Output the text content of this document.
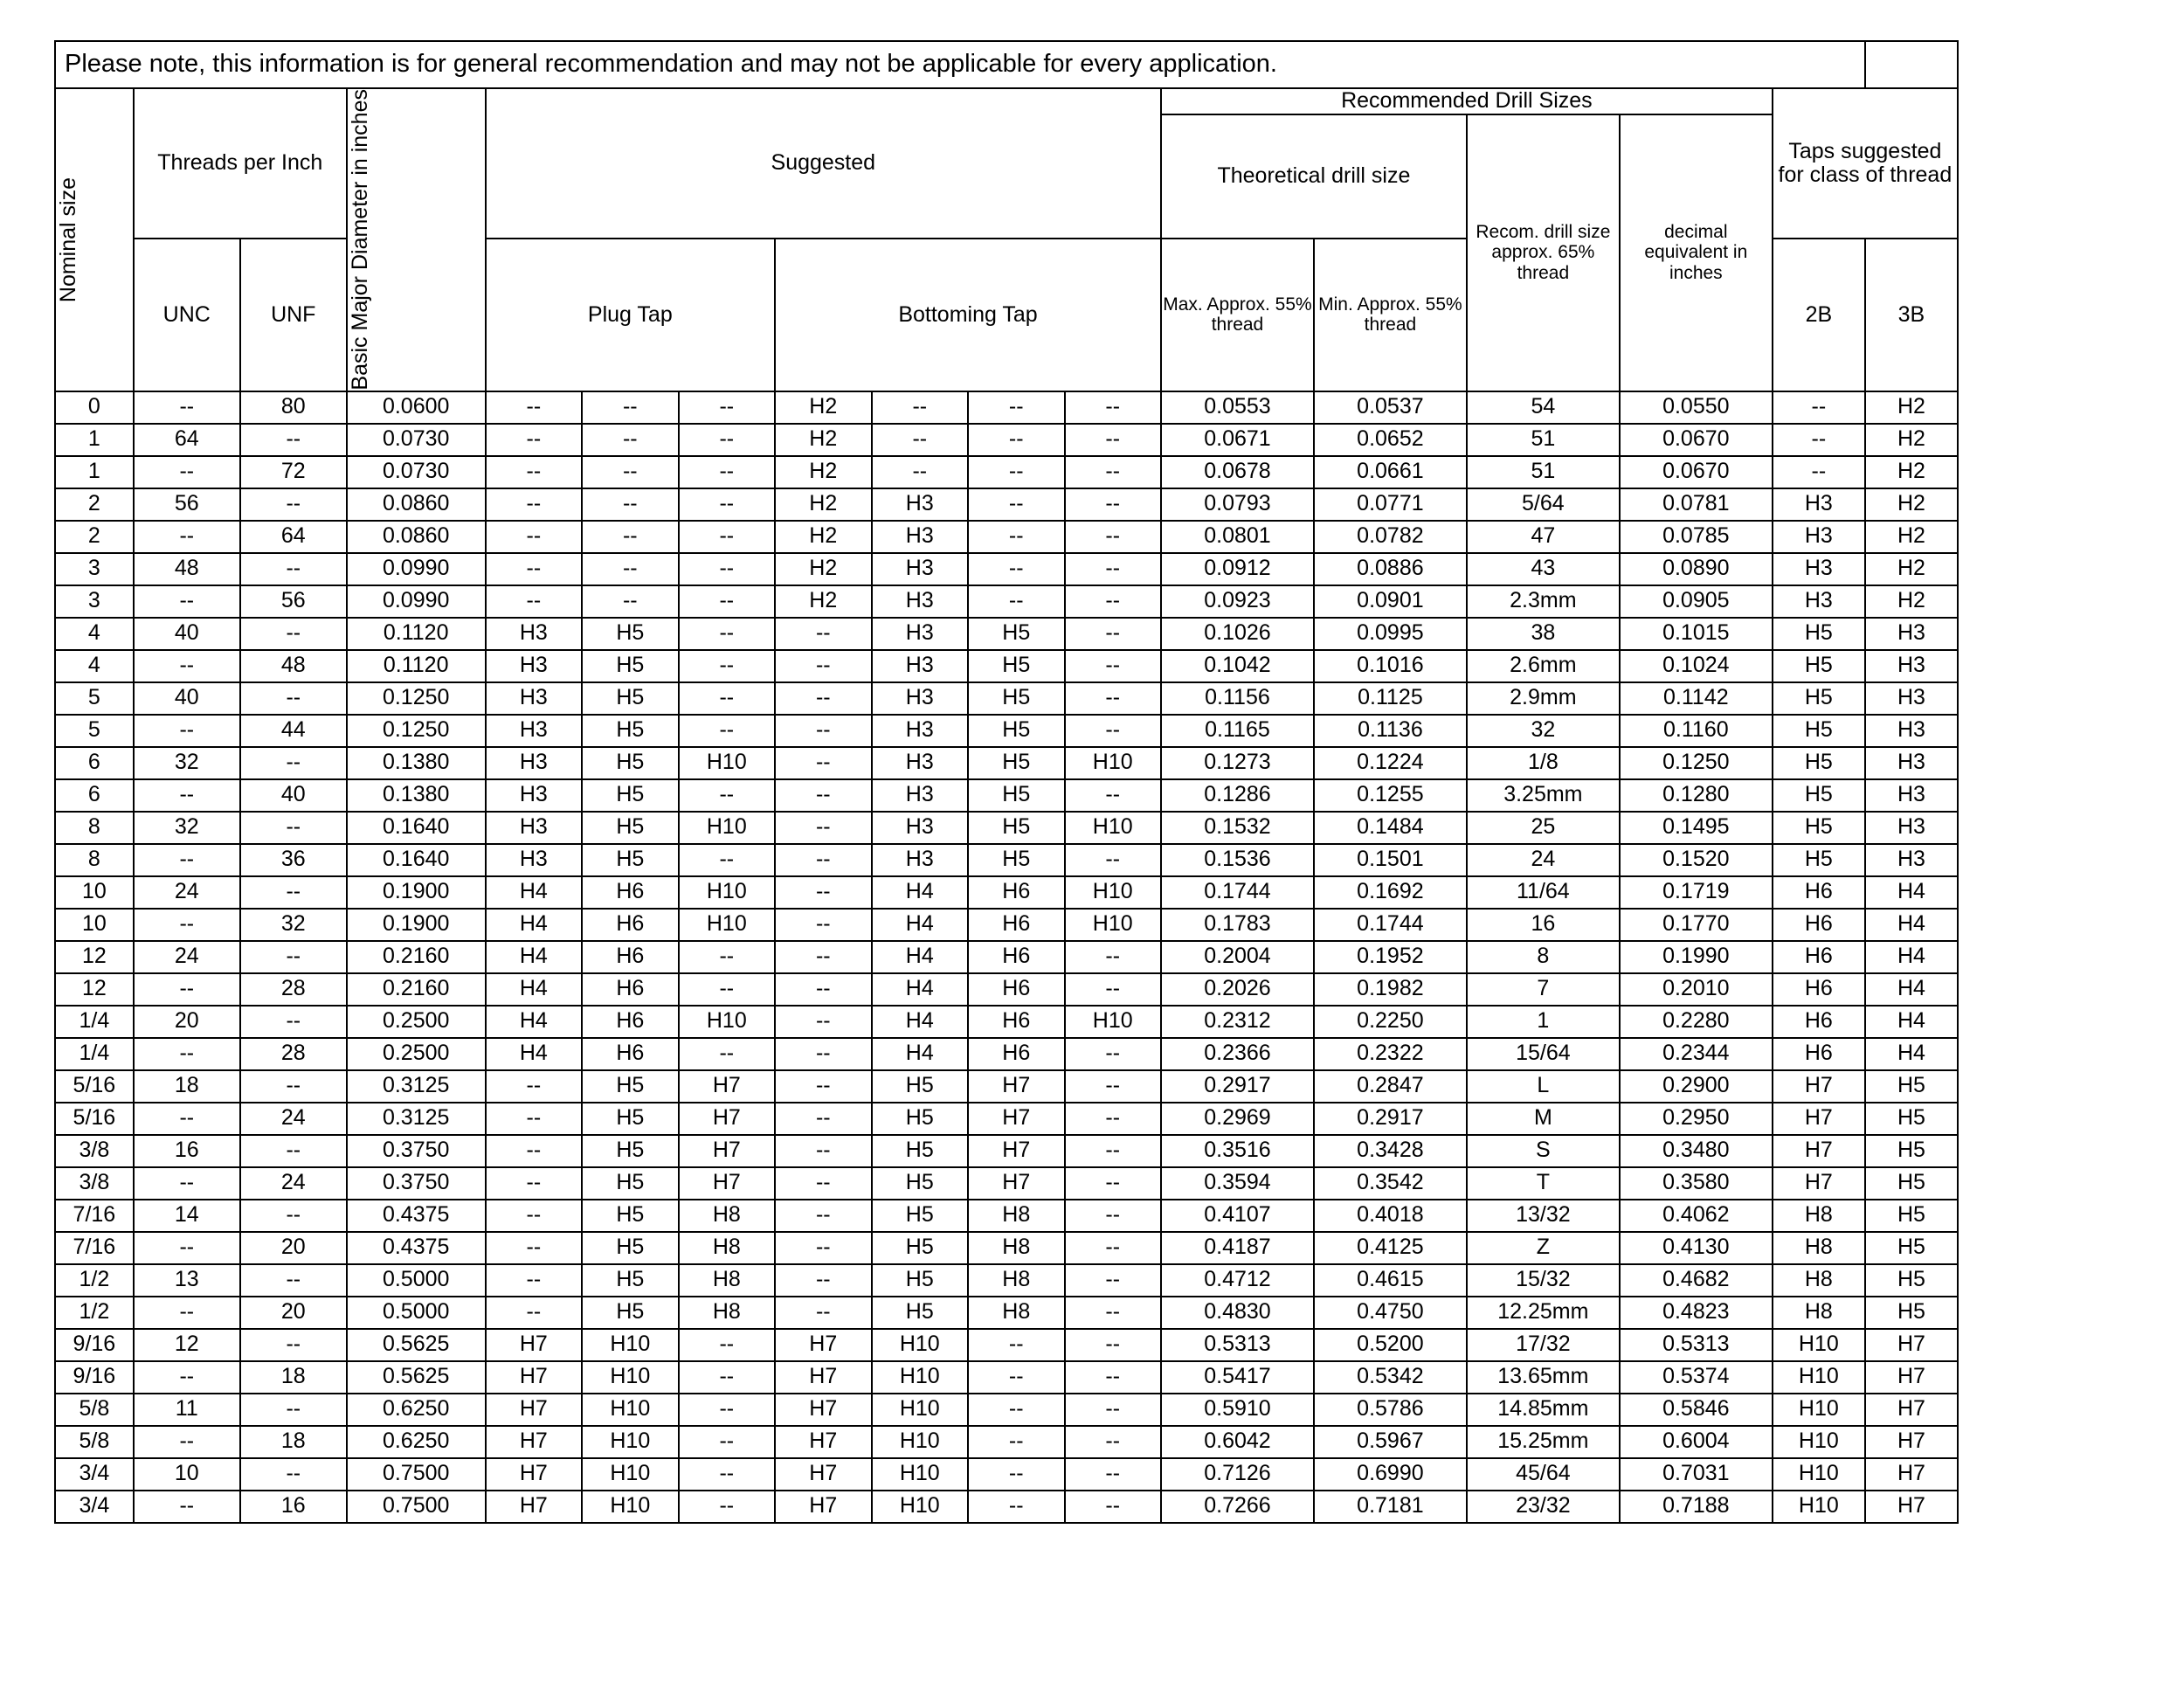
Please note, this information is for general recommendation and may not be applicable for every application.																

Nominal size	Threads per Inch		Basic Major Diameter in inches	Suggested							Recommended Drill Sizes				Taps suggested for class of thread	
											Theoretical drill size		Recom. drill size approx. 65% thread	decimal equivalent in inches		
	UNC	UNF		Plug Tap			Bottoming Tap				Max. Approx. 55% thread	Min. Approx. 55% thread			2B	3B

0	--	80	0.0600	--	--	--	H2	--	--	--	0.0553	0.0537	54	0.0550	--	H2
1	64	--	0.0730	--	--	--	H2	--	--	--	0.0671	0.0652	51	0.0670	--	H2
1	--	72	0.0730	--	--	--	H2	--	--	--	0.0678	0.0661	51	0.0670	--	H2
2	56	--	0.0860	--	--	--	H2	H3	--	--	0.0793	0.0771	5/64	0.0781	H3	H2
2	--	64	0.0860	--	--	--	H2	H3	--	--	0.0801	0.0782	47	0.0785	H3	H2
3	48	--	0.0990	--	--	--	H2	H3	--	--	0.0912	0.0886	43	0.0890	H3	H2
3	--	56	0.0990	--	--	--	H2	H3	--	--	0.0923	0.0901	2.3mm	0.0905	H3	H2
4	40	--	0.1120	H3	H5	--	--	H3	H5	--	0.1026	0.0995	38	0.1015	H5	H3
4	--	48	0.1120	H3	H5	--	--	H3	H5	--	0.1042	0.1016	2.6mm	0.1024	H5	H3
5	40	--	0.1250	H3	H5	--	--	H3	H5	--	0.1156	0.1125	2.9mm	0.1142	H5	H3
5	--	44	0.1250	H3	H5	--	--	H3	H5	--	0.1165	0.1136	32	0.1160	H5	H3
6	32	--	0.1380	H3	H5	H10	--	H3	H5	H10	0.1273	0.1224	1/8	0.1250	H5	H3
6	--	40	0.1380	H3	H5	--	--	H3	H5	--	0.1286	0.1255	3.25mm	0.1280	H5	H3
8	32	--	0.1640	H3	H5	H10	--	H3	H5	H10	0.1532	0.1484	25	0.1495	H5	H3
8	--	36	0.1640	H3	H5	--	--	H3	H5	--	0.1536	0.1501	24	0.1520	H5	H3
10	24	--	0.1900	H4	H6	H10	--	H4	H6	H10	0.1744	0.1692	11/64	0.1719	H6	H4
10	--	32	0.1900	H4	H6	H10	--	H4	H6	H10	0.1783	0.1744	16	0.1770	H6	H4
12	24	--	0.2160	H4	H6	--	--	H4	H6	--	0.2004	0.1952	8	0.1990	H6	H4
12	--	28	0.2160	H4	H6	--	--	H4	H6	--	0.2026	0.1982	7	0.2010	H6	H4
1/4	20	--	0.2500	H4	H6	H10	--	H4	H6	H10	0.2312	0.2250	1	0.2280	H6	H4
1/4	--	28	0.2500	H4	H6	--	--	H4	H6	--	0.2366	0.2322	15/64	0.2344	H6	H4
5/16	18	--	0.3125	--	H5	H7	--	H5	H7	--	0.2917	0.2847	L	0.2900	H7	H5
5/16	--	24	0.3125	--	H5	H7	--	H5	H7	--	0.2969	0.2917	M	0.2950	H7	H5
3/8	16	--	0.3750	--	H5	H7	--	H5	H7	--	0.3516	0.3428	S	0.3480	H7	H5
3/8	--	24	0.3750	--	H5	H7	--	H5	H7	--	0.3594	0.3542	T	0.3580	H7	H5
7/16	14	--	0.4375	--	H5	H8	--	H5	H8	--	0.4107	0.4018	13/32	0.4062	H8	H5
7/16	--	20	0.4375	--	H5	H8	--	H5	H8	--	0.4187	0.4125	Z	0.4130	H8	H5
1/2	13	--	0.5000	--	H5	H8	--	H5	H8	--	0.4712	0.4615	15/32	0.4682	H8	H5
1/2	--	20	0.5000	--	H5	H8	--	H5	H8	--	0.4830	0.4750	12.25mm	0.4823	H8	H5
9/16	12	--	0.5625	H7	H10	--	H7	H10	--	--	0.5313	0.5200	17/32	0.5313	H10	H7
9/16	--	18	0.5625	H7	H10	--	H7	H10	--	--	0.5417	0.5342	13.65mm	0.5374	H10	H7
5/8	11	--	0.6250	H7	H10	--	H7	H10	--	--	0.5910	0.5786	14.85mm	0.5846	H10	H7
5/8	--	18	0.6250	H7	H10	--	H7	H10	--	--	0.6042	0.5967	15.25mm	0.6004	H10	H7
3/4	10	--	0.7500	H7	H10	--	H7	H10	--	--	0.7126	0.6990	45/64	0.7031	H10	H7
3/4	--	16	0.7500	H7	H10	--	H7	H10	--	--	0.7266	0.7181	23/32	0.7188	H10	H7
